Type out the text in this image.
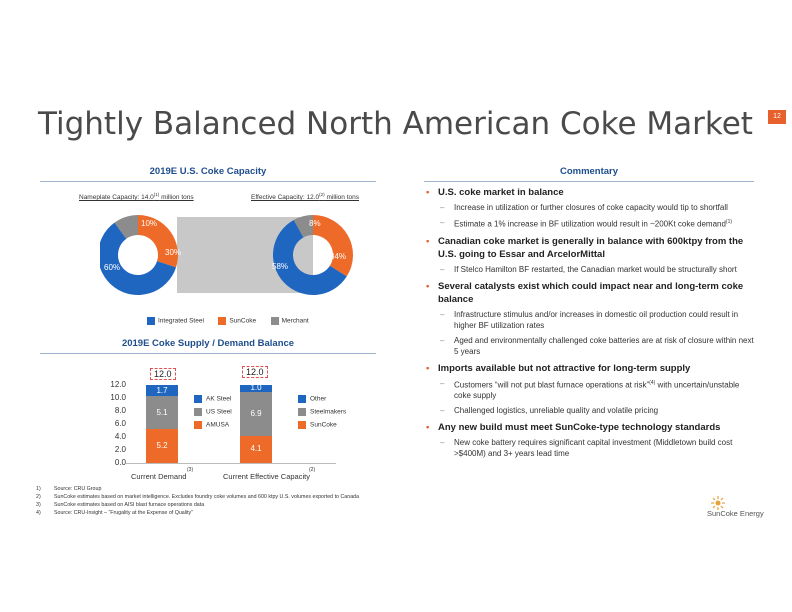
Tightly Balanced North American Coke Market	12
2019E U.S. Coke Capacity
Nameplate Capacity: 14.0$^{(1)}$ million tons	Effective Capacity: 12.0$^{(2)}$ million tons
10%
30%
60%
8%
34%
58%
Integrated Steel	SunCoke	Merchant
2019E Coke Supply / Demand Balance
12.0
10.0
8.0
6.0
4.0
2.0
0.0
5.2
5.1
1.7
4.1
6.9
1.0
12.0	12.0
AK Steel
US Steel
AMUSA
Other
Steelmakers
SunCoke
Current Demand
(3)
Current Effective Capacity
(2)
Commentary
• U.S. coke market in balance
– Increase in utilization or further closures of coke capacity would tip to shortfall
– Estimate a 1% increase in BF utilization would result in ~200Kt coke demand$^{(1)}$
• Canadian coke market is generally in balance with 600ktpy from the U.S. going to Essar and ArcelorMittal
– If Stelco Hamilton BF restarted, the Canadian market would be structurally short
• Several catalysts exist which could impact near and long-term coke balance
– Infrastructure stimulus and/or increases in domestic oil production could result in higher BF utilization rates
– Aged and environmentally challenged coke batteries are at risk of closure within next 5 years
• Imports available but not attractive for long-term supply
– Customers “will not put blast furnace operations at risk”$^{(4)}$ with uncertain/unstable coke supply
– Challenged logistics, unreliable quality and volatile pricing
• Any new build must meet SunCoke-type technology standards
– New coke battery requires significant capital investment (Middletown build cost >$400M) and 3+ years lead time
1)	Source: CRU Group
2)	SunCoke estimates based on market intelligence. Excludes foundry coke volumes and 600 ktpy U.S. volumes exported to Canada
3)	SunCoke estimates based on AISI blast furnace operations data
4)	Source: CRU-Insight – “Frugality at the Expense of Quality”	SunCoke Energy
